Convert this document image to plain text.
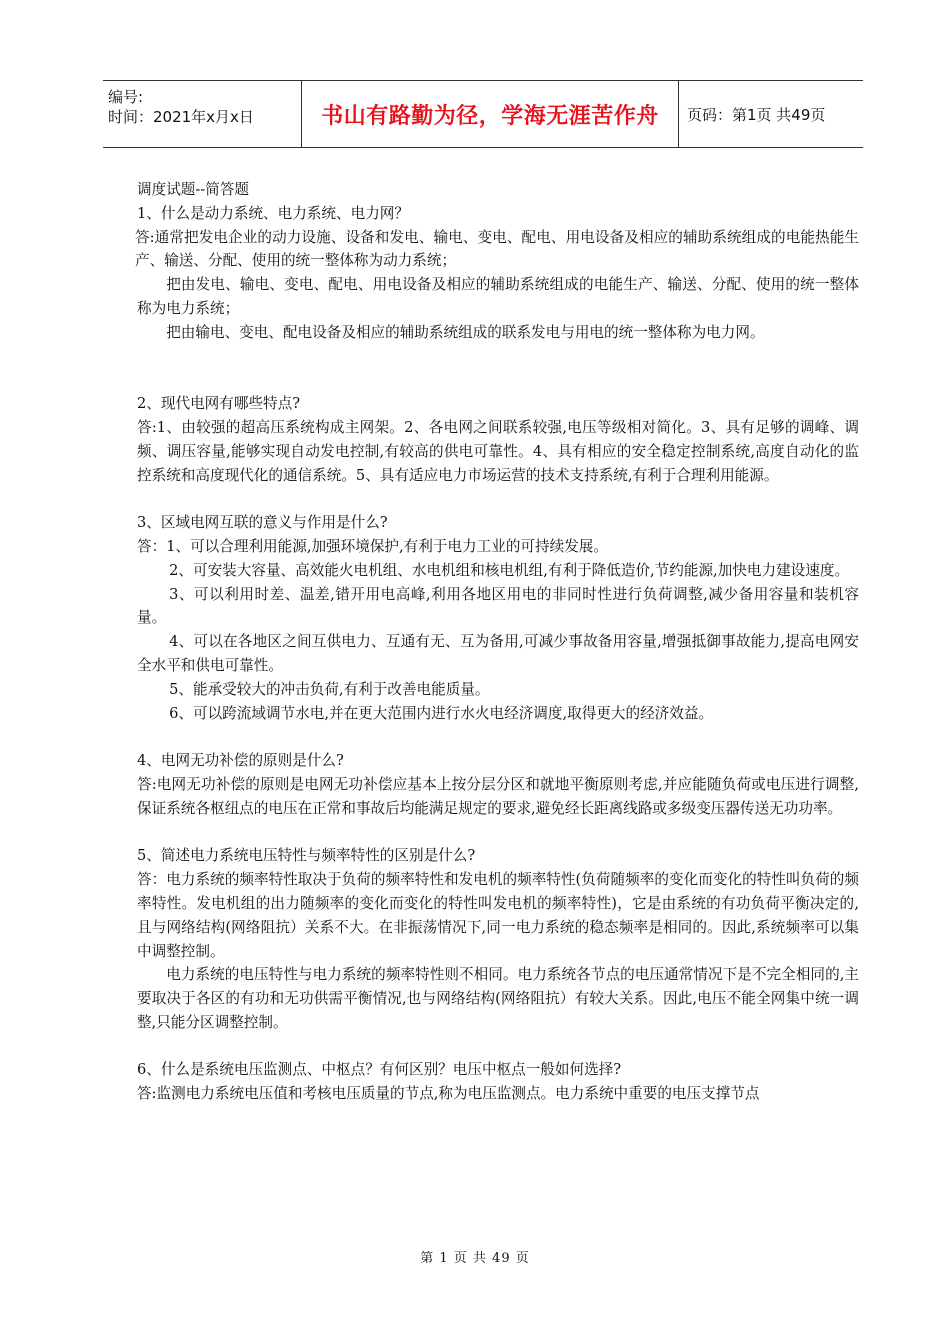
编号:
时间：2021年x月x日	书山有路勤为径，学海无涯苦作舟 页码：第1页 共49页

调度试题--简答题

1、什么是动力系统、电力系统、电力网？

答:通常把发电企业的动力设施、设备和发电、输电、变电、配电、用电设备及相应的辅助系统组成的电能热能生产、输送、分配、使用的统一整体称为动力系统；

把由发电、输电、变电、配电、用电设备及相应的辅助系统组成的电能生产、输送、分配、使用的统一整体称为电力系统；

把由输电、变电、配电设备及相应的辅助系统组成的联系发电与用电的统一整体称为电力网。

2、现代电网有哪些特点?

答:1、由较强的超高压系统构成主网架。2、各电网之间联系较强,电压等级相对简化。3、具有足够的调峰、调频、调压容量,能够实现自动发电控制,有较高的供电可靠性。4、具有相应的安全稳定控制系统,高度自动化的监控系统和高度现代化的通信系统。5、具有适应电力市场运营的技术支持系统,有利于合理利用能源。

3、区域电网互联的意义与作用是什么?

答：1、可以合理利用能源,加强环境保护,有利于电力工业的可持续发展。

2、可安装大容量、高效能火电机组、水电机组和核电机组,有利于降低造价,节约能源,加快电力建设速度。

3、可以利用时差、温差,错开用电高峰,利用各地区用电的非同时性进行负荷调整,减少备用容量和装机容量。

4、可以在各地区之间互供电力、互通有无、互为备用,可减少事故备用容量,增强抵御事故能力,提高电网安全水平和供电可靠性。

5、能承受较大的冲击负荷,有利于改善电能质量。

6、可以跨流域调节水电,并在更大范围内进行水火电经济调度,取得更大的经济效益。

4、电网无功补偿的原则是什么?

答:电网无功补偿的原则是电网无功补偿应基本上按分层分区和就地平衡原则考虑,并应能随负荷或电压进行调整,保证系统各枢纽点的电压在正常和事故后均能满足规定的要求,避免经长距离线路或多级变压器传送无功功率。

5、简述电力系统电压特性与频率特性的区别是什么?

答：电力系统的频率特性取决于负荷的频率特性和发电机的频率特性(负荷随频率的变化而变化的特性叫负荷的频率特性。发电机组的出力随频率的变化而变化的特性叫发电机的频率特性)，它是由系统的有功负荷平衡决定的,且与网络结构(网络阻抗）关系不大。在非振荡情况下,同一电力系统的稳态频率是相同的。因此,系统频率可以集中调整控制。

电力系统的电压特性与电力系统的频率特性则不相同。电力系统各节点的电压通常情况下是不完全相同的,主要取决于各区的有功和无功供需平衡情况,也与网络结构(网络阻抗）有较大关系。因此,电压不能全网集中统一调整,只能分区调整控制。

6、什么是系统电压监测点、中枢点？有何区别？电压中枢点一般如何选择?

答:监测电力系统电压值和考核电压质量的节点,称为电压监测点。电力系统中重要的电压支撑节点

第 1 页 共 49 页
